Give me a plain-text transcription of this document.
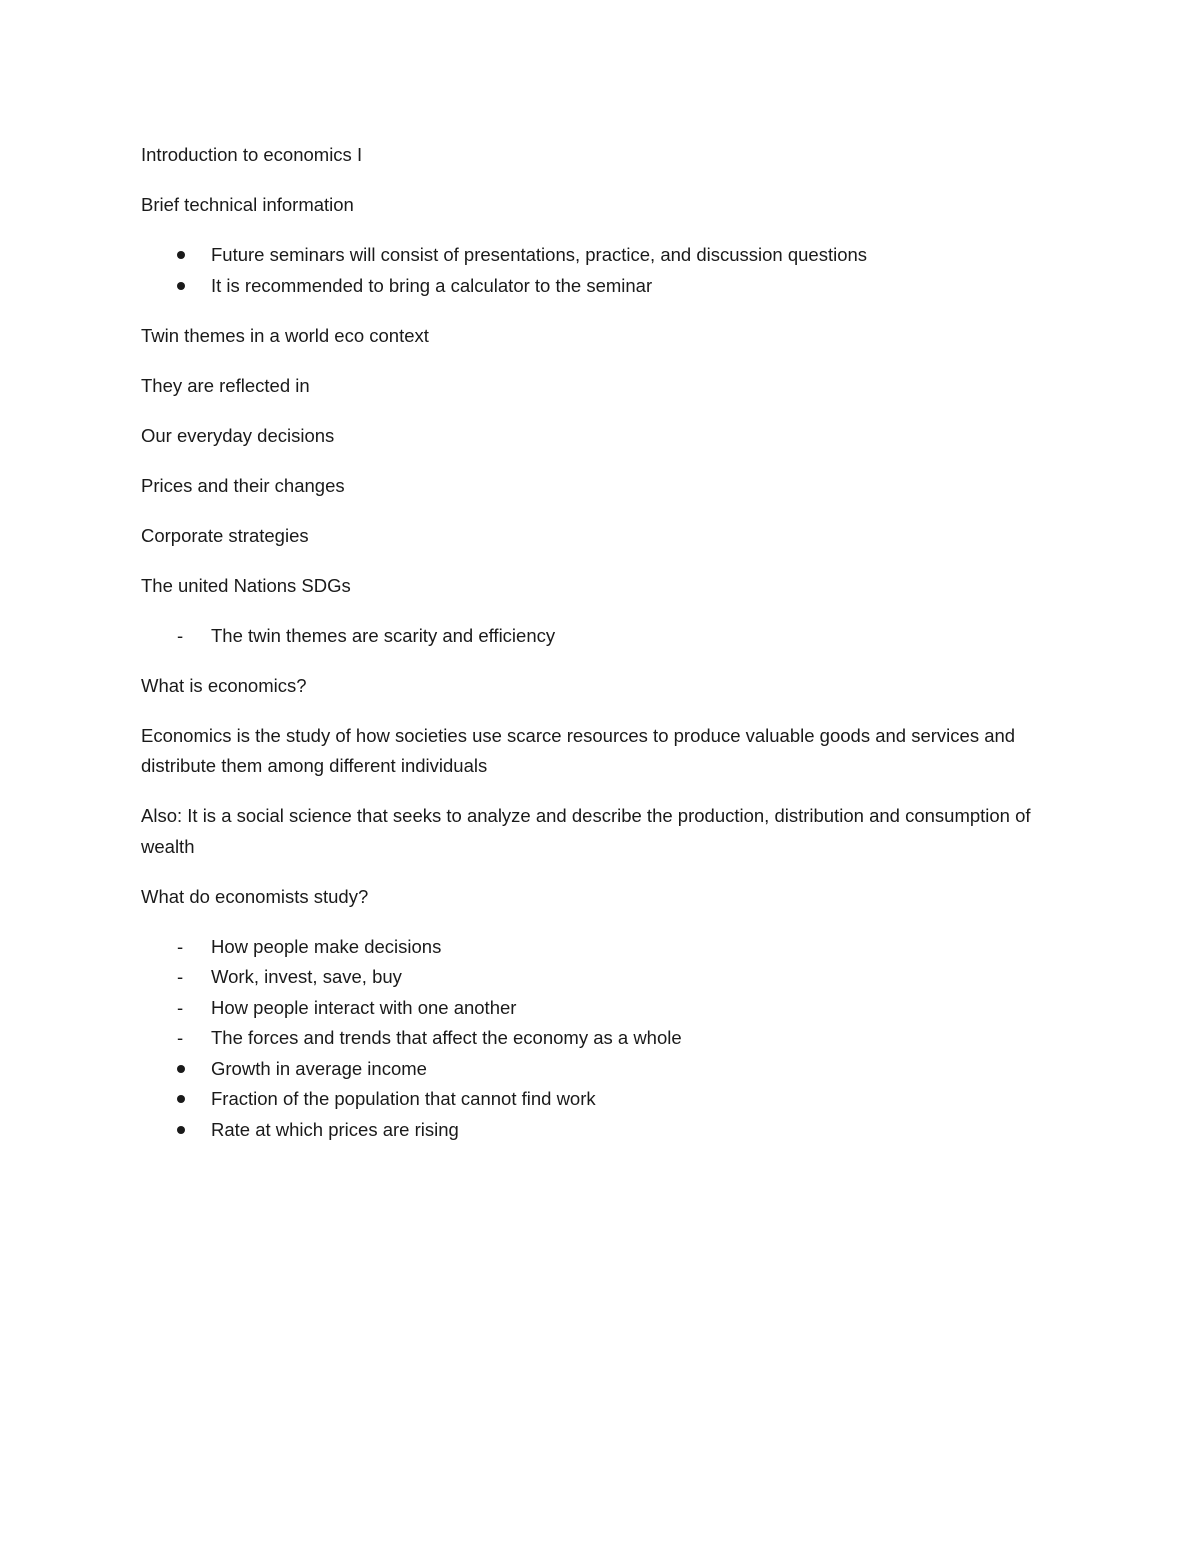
Introduction to economics I

Brief technical information

Future seminars will consist of presentations, practice, and discussion questions
It is recommended to bring a calculator to the seminar

Twin themes in a world eco context

They are reflected in

Our everyday decisions

Prices and their changes

Corporate strategies

The united Nations SDGs

The twin themes are scarity and efficiency

What is economics?

Economics is the study of how societies use scarce resources to produce valuable goods and services and distribute them among different individuals

Also: It is a social science that seeks to analyze and describe the production, distribution and consumption of wealth

What do economists study?

How people make decisions
Work, invest, save, buy
How people interact with one another
The forces and trends that affect the economy as a whole
Growth in average income
Fraction of the population that cannot find work
Rate at which prices are rising
